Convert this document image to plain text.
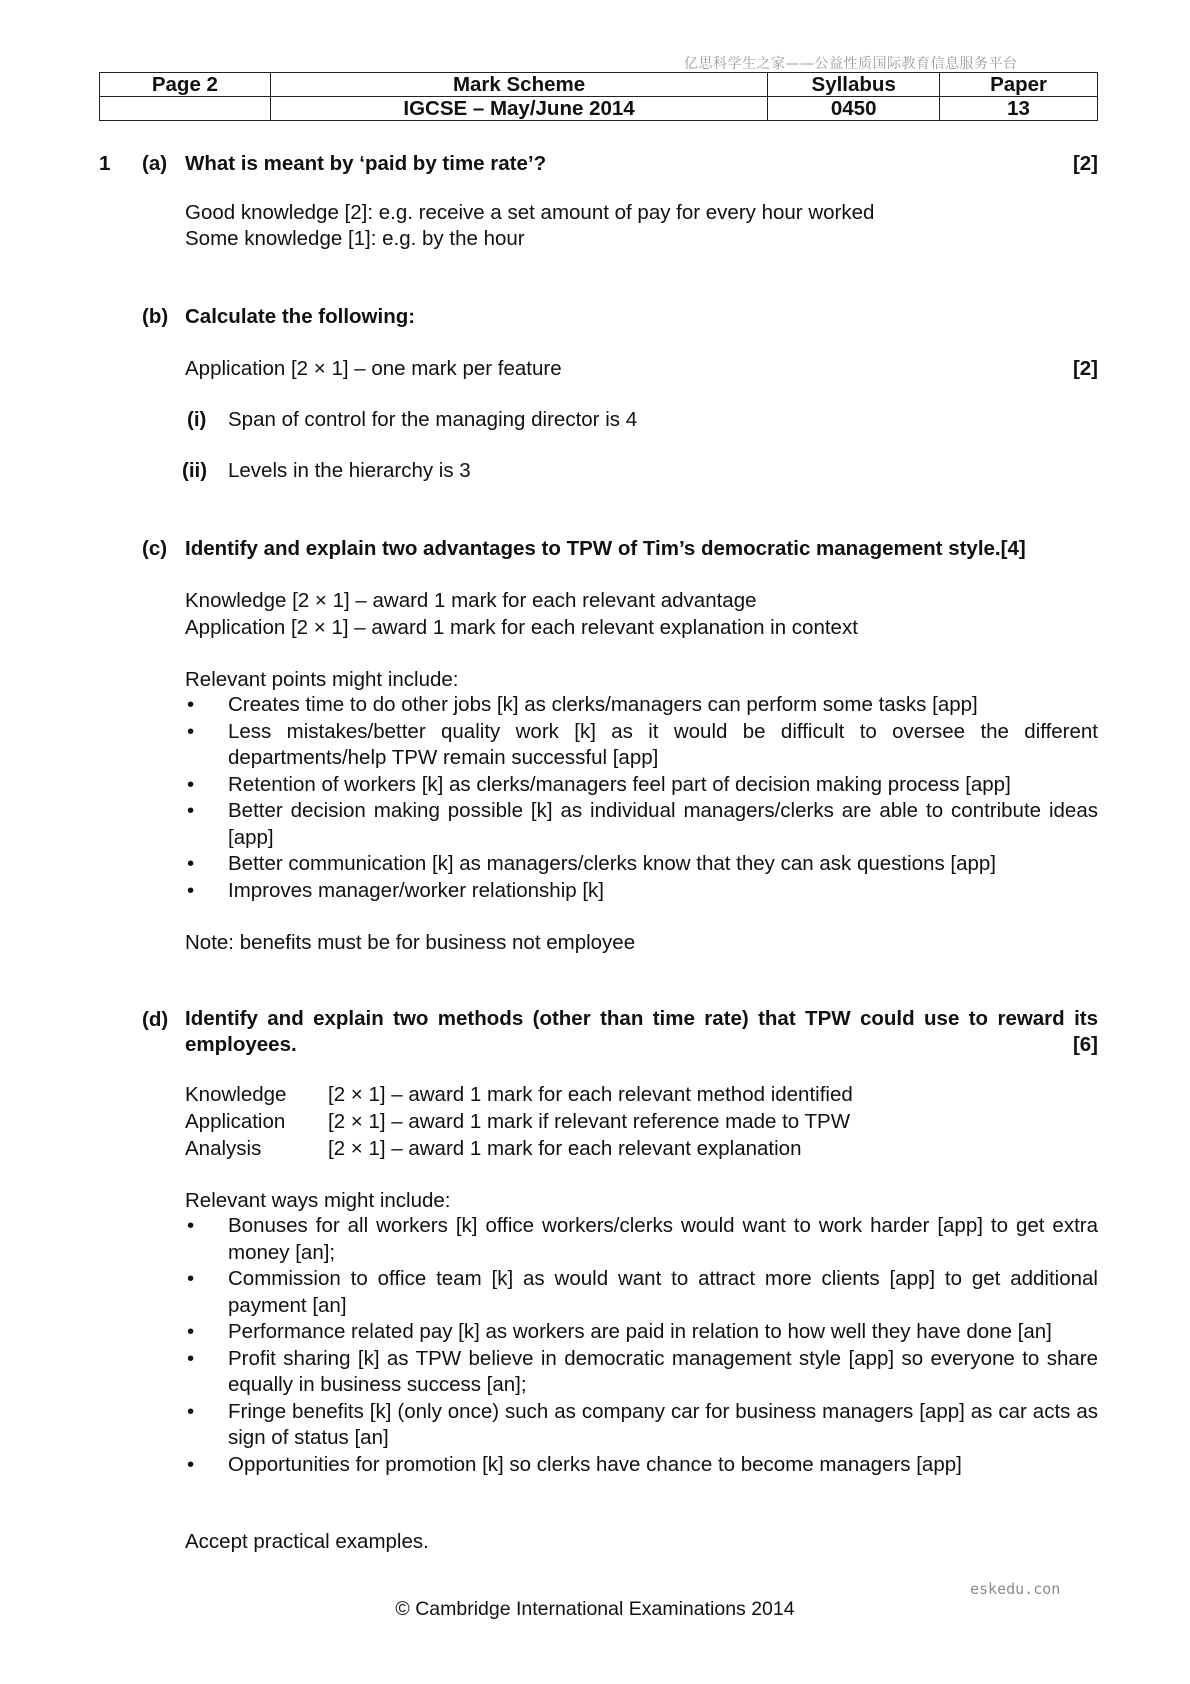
亿思科学生之家——公益性质国际教育信息服务平台
Page 2	Mark Scheme	Syllabus	Paper
	IGCSE – May/June 2014	0450	13
1 (a) What is meant by ‘paid by time rate’?	[2]
Good knowledge [2]: e.g. receive a set amount of pay for every hour worked
Some knowledge [1]: e.g. by the hour
(b) Calculate the following:
Application [2 × 1] – one mark per feature	[2]
(i) Span of control for the managing director is 4
(ii) Levels in the hierarchy is 3
(c) Identify and explain two advantages to TPW of Tim’s democratic management style.[4]
Knowledge [2 × 1] – award 1 mark for each relevant advantage
Application [2 × 1] – award 1 mark for each relevant explanation in context
Relevant points might include:
• Creates time to do other jobs [k] as clerks/managers can perform some tasks [app]
• Less mistakes/better quality work [k] as it would be difficult to oversee the different departments/help TPW remain successful [app]
• Retention of workers [k] as clerks/managers feel part of decision making process [app]
• Better decision making possible [k] as individual managers/clerks are able to contribute ideas [app]
• Better communication [k] as managers/clerks know that they can ask questions [app]
• Improves manager/worker relationship [k]
Note: benefits must be for business not employee
(d) Identify and explain two methods (other than time rate) that TPW could use to reward its employees.	[6]
Knowledge [2 × 1] – award 1 mark for each relevant method identified
Application [2 × 1] – award 1 mark if relevant reference made to TPW
Analysis	[2 × 1] – award 1 mark for each relevant explanation
Relevant ways might include:
• Bonuses for all workers [k] office workers/clerks would want to work harder [app] to get extra money [an];
• Commission to office team [k] as would want to attract more clients [app] to get additional payment [an]
• Performance related pay [k] as workers are paid in relation to how well they have done [an]
• Profit sharing [k] as TPW believe in democratic management style [app] so everyone to share equally in business success [an];
• Fringe benefits [k] (only once) such as company car for business managers [app] as car acts as sign of status [an]
• Opportunities for promotion [k] so clerks have chance to become managers [app]
Accept practical examples.
eskedu.con
© Cambridge International Examinations 2014
